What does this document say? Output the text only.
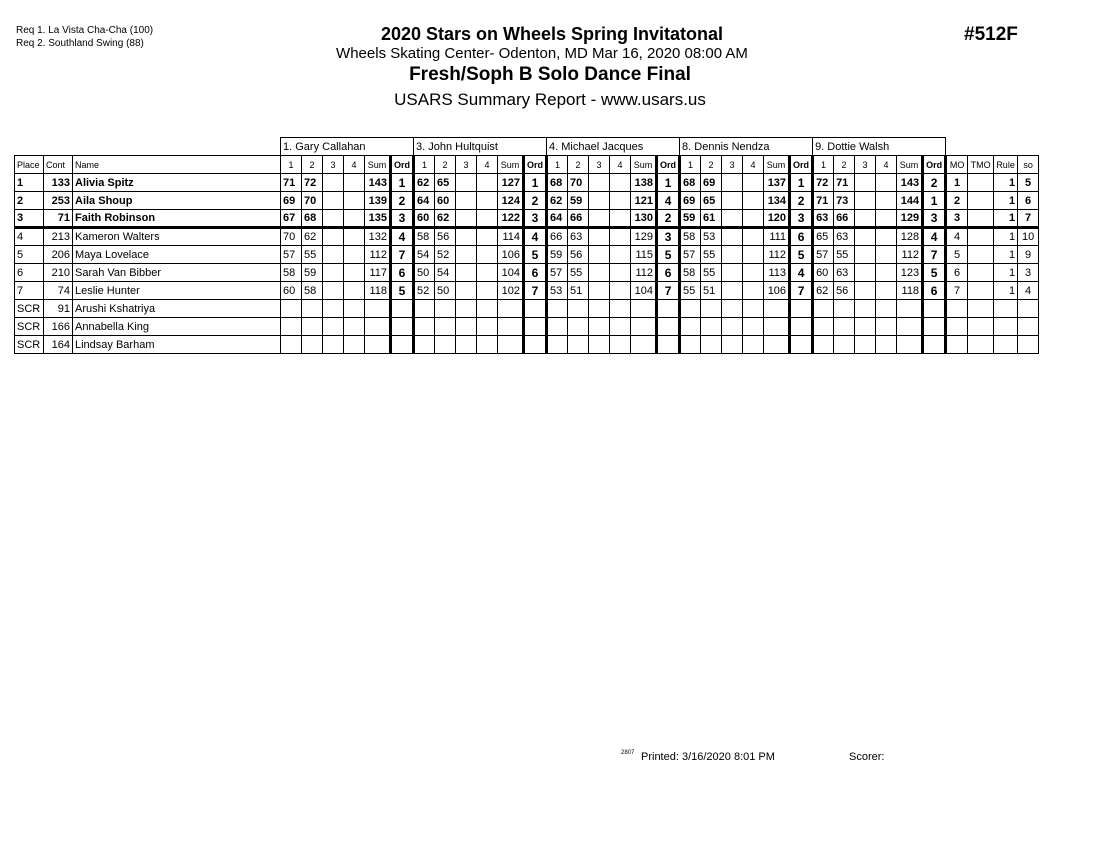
Req 1. La Vista Cha-Cha (100)
Req 2. Southland Swing (88)	#512F
2020 Stars on Wheels Spring Invitatonal
Wheels Skating Center- Odenton, MD Mar 16, 2020 08:00 AM
Fresh/Soph B Solo Dance Final
USARS Summary Report - www.usars.us
			1. Gary Callahan						3. John Hultquist						4. Michael Jacques						8. Dennis Nendza						9. Dottie Walsh									
Place	Cont	Name	1	2	3	4	Sum	Ord	1	2	3	4	Sum	Ord	1	2	3	4	Sum	Ord	1	2	3	4	Sum	Ord	1	2	3	4	Sum	Ord	MO	TMO	Rule	so
1	133	Alivia Spitz	71	72			143	1	62	65			127	1	68	70			138	1	68	69			137	1	72	71			143	2	1		1	5
2	253	Aila Shoup	69	70			139	2	64	60			124	2	62	59			121	4	69	65			134	2	71	73			144	1	2		1	6
3	71	Faith Robinson	67	68			135	3	60	62			122	3	64	66			130	2	59	61			120	3	63	66			129	3	3		1	7
4	213	Kameron Walters	70	62			132	4	58	56			114	4	66	63			129	3	58	53			111	6	65	63			128	4	4		1	10
5	206	Maya Lovelace	57	55			112	7	54	52			106	5	59	56			115	5	57	55			112	5	57	55			112	7	5		1	9
6	210	Sarah Van Bibber	58	59			117	6	50	54			104	6	57	55			112	6	58	55			113	4	60	63			123	5	6		1	3
7	74	Leslie Hunter	60	58			118	5	52	50			102	7	53	51			104	7	55	51			106	7	62	56			118	6	7		1	4
SCR	91	Arushi Kshatriya																																		
SCR	166	Annabella King																																		
SCR	164	Lindsay Barham																																		
2807 Printed: 3/16/2020 8:01 PM	Scorer:
